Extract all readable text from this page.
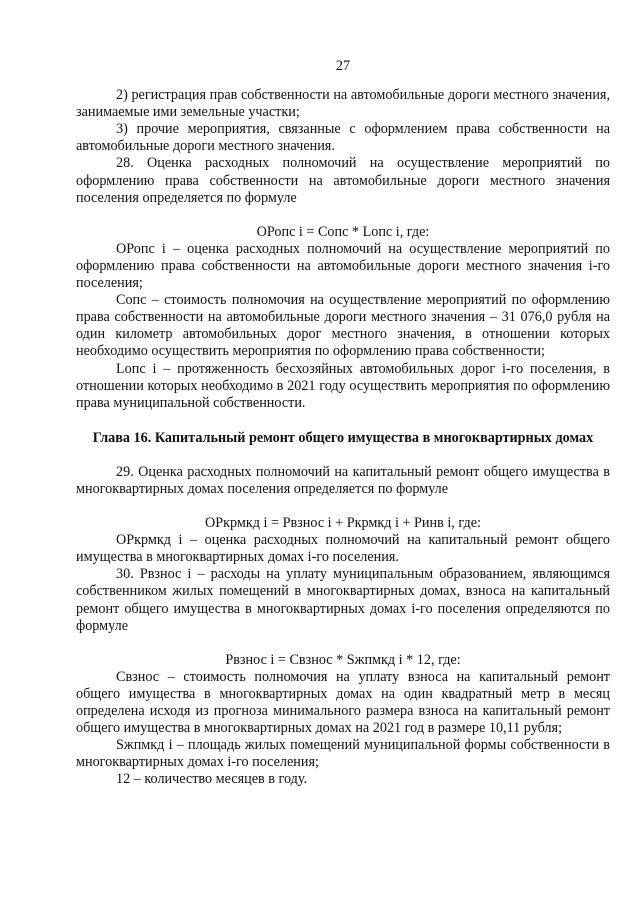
27

2) регистрация прав собственности на автомобильные дороги местного значения, занимаемые ими земельные участки;

3) прочие мероприятия, связанные с оформлением права собственности на автомобильные дороги местного значения.

28. Оценка расходных полномочий на осуществление мероприятий по оформлению права собственности на автомобильные дороги местного значения поселения определяется по формуле

ОРопс i = Сопс * Lопс i, где:

ОРопс i – оценка расходных полномочий на осуществление мероприятий по оформлению права собственности на автомобильные дороги местного значения i-го поселения;

Сопс – стоимость полномочия на осуществление мероприятий по оформлению права собственности на автомобильные дороги местного значения – 31 076,0 рубля на один километр автомобильных дорог местного значения, в отношении которых необходимо осуществить мероприятия по оформлению права собственности;

Lопс i – протяженность бесхозяйных автомобильных дорог i-го поселения, в отношении которых необходимо в 2021 году осуществить мероприятия по оформлению права муниципальной собственности.

Глава 16. Капитальный ремонт общего имущества в многоквартирных домах

29. Оценка расходных полномочий на капитальный ремонт общего имущества в многоквартирных домах поселения определяется по формуле

ОРкрмкд i = Рвзнос i + Ркрмкд i + Ринв i, где:

ОРкрмкд i – оценка расходных полномочий на капитальный ремонт общего имущества в многоквартирных домах i-го поселения.

30. Рвзнос i – расходы на уплату муниципальным образованием, являющимся собственником жилых помещений в многоквартирных домах, взноса на капитальный ремонт общего имущества в многоквартирных домах i-го поселения определяются по формуле

Рвзнос i = Свзнос * Sжпмкд i * 12, где:

Свзнос – стоимость полномочия на уплату взноса на капитальный ремонт общего имущества в многоквартирных домах на один квадратный метр в месяц определена исходя из прогноза минимального размера взноса на капитальный ремонт общего имущества в многоквартирных домах на 2021 год в размере 10,11 рубля;

Sжпмкд i – площадь жилых помещений муниципальной формы собственности в многоквартирных домах i-го поселения;

12 – количество месяцев в году.
